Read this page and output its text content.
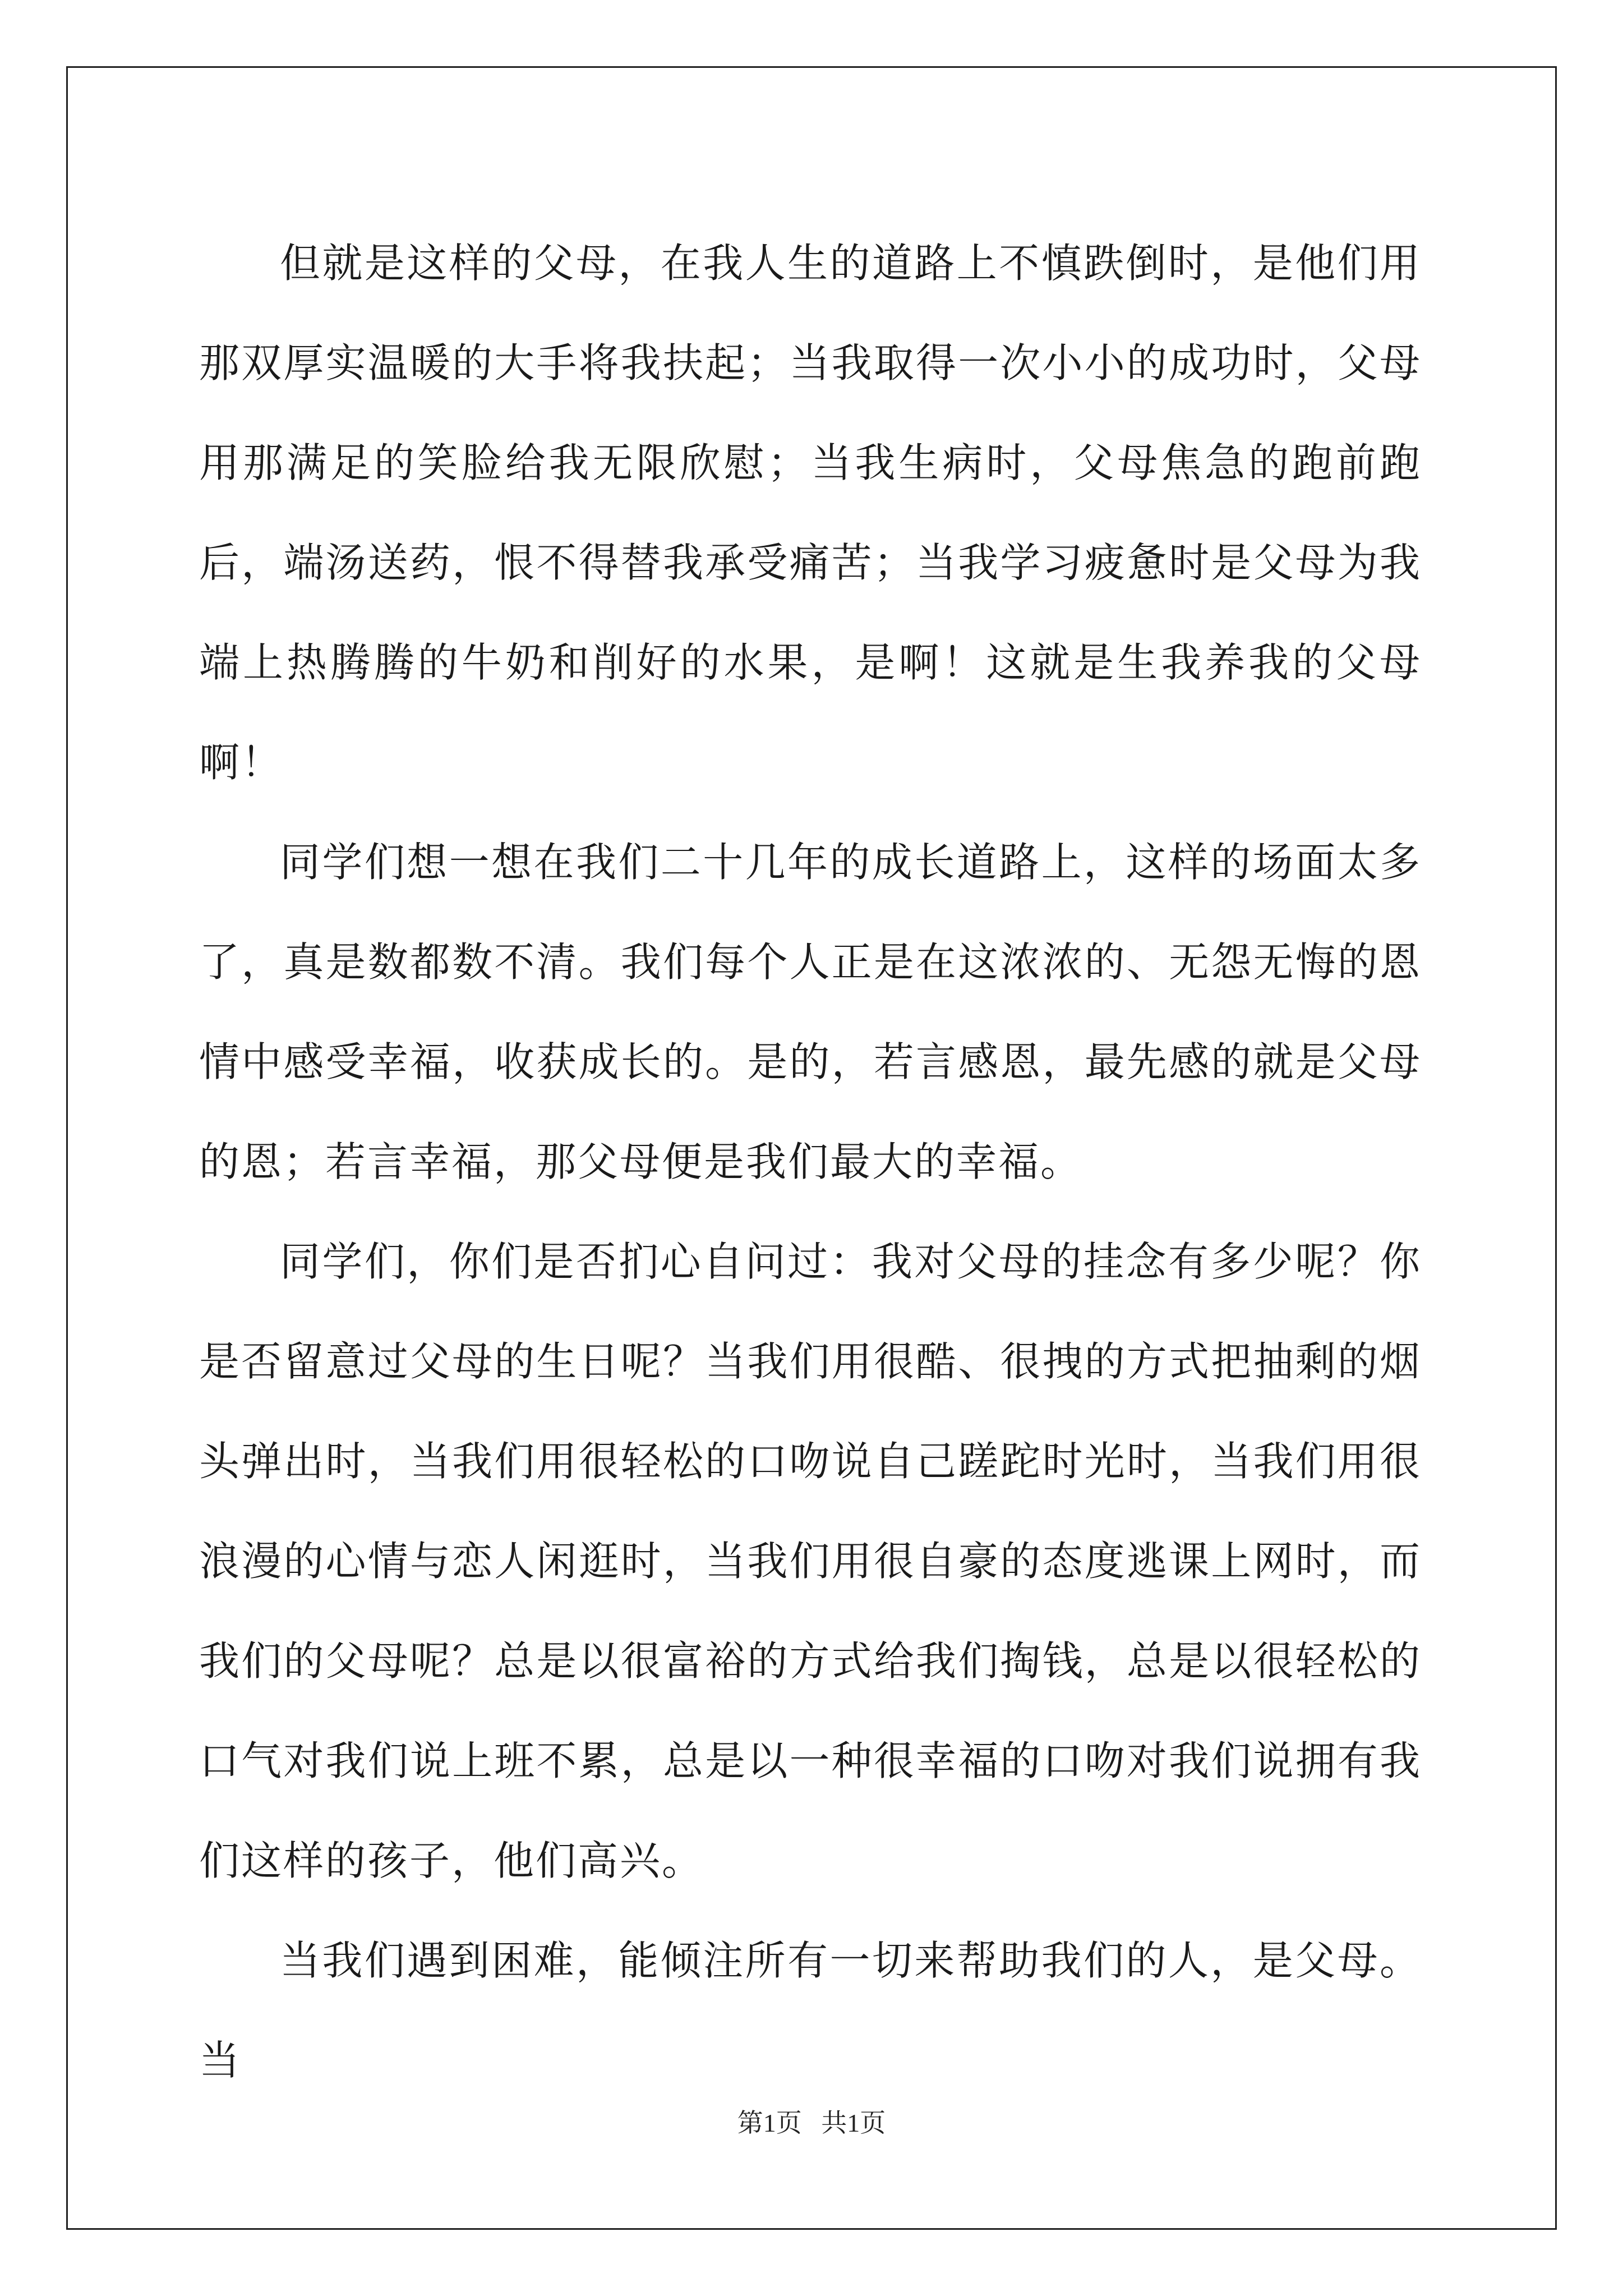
但就是这样的父母，在我人生的道路上不慎跌倒时，是他们用那双厚实温暖的大手将我扶起；当我取得一次小小的成功时，父母用那满足的笑脸给我无限欣慰；当我生病时，父母焦急的跑前跑后，端汤送药，恨不得替我承受痛苦；当我学习疲惫时是父母为我端上热腾腾的牛奶和削好的水果，是啊！这就是生我养我的父母啊！

同学们想一想在我们二十几年的成长道路上，这样的场面太多了，真是数都数不清。我们每个人正是在这浓浓的、无怨无悔的恩情中感受幸福，收获成长的。是的，若言感恩，最先感的就是父母的恩；若言幸福，那父母便是我们最大的幸福。

同学们，你们是否扪心自问过：我对父母的挂念有多少呢？你是否留意过父母的生日呢？当我们用很酷、很拽的方式把抽剩的烟头弹出时，当我们用很轻松的口吻说自己蹉跎时光时，当我们用很浪漫的心情与恋人闲逛时，当我们用很自豪的态度逃课上网时，而我们的父母呢？总是以很富裕的方式给我们掏钱，总是以很轻松的口气对我们说上班不累，总是以一种很幸福的口吻对我们说拥有我们这样的孩子，他们高兴。

当我们遇到困难，能倾注所有一切来帮助我们的人，是父母。当

第1页   共1页
